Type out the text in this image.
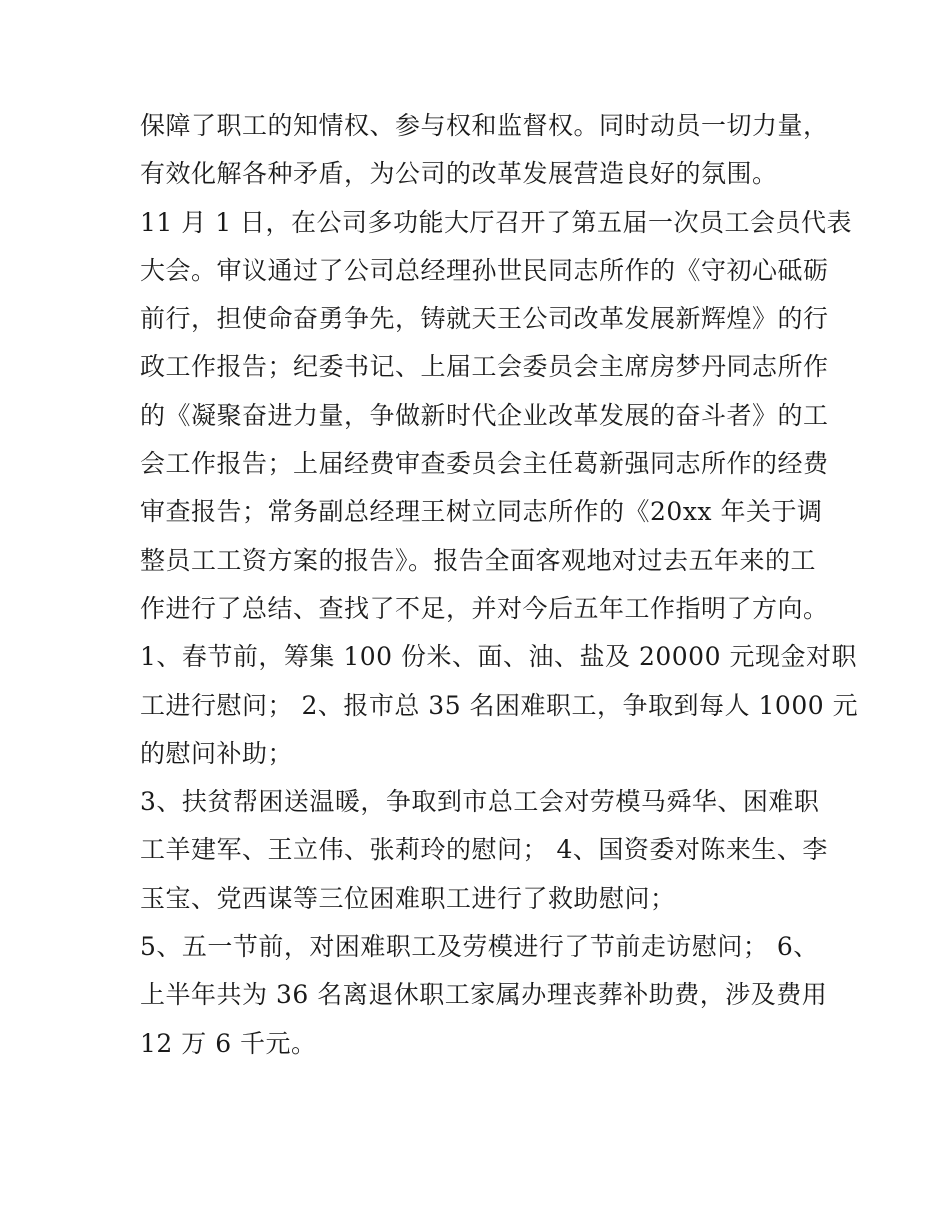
保障了职工的知情权、参与权和监督权。同时动员一切力量，
有效化解各种矛盾，为公司的改革发展营造良好的氛围。
11 月 1 日，在公司多功能大厅召开了第五届一次员工会员代表
大会。审议通过了公司总经理孙世民同志所作的《守初心砥砺
前行，担使命奋勇争先，铸就天王公司改革发展新辉煌》的行
政工作报告；纪委书记、上届工会委员会主席房梦丹同志所作
的《凝聚奋进力量，争做新时代企业改革发展的奋斗者》的工
会工作报告；上届经费审查委员会主任葛新强同志所作的经费
审查报告；常务副总经理王树立同志所作的《20xx 年关于调
整员工工资方案的报告》。报告全面客观地对过去五年来的工
作进行了总结、查找了不足，并对今后五年工作指明了方向。
1、春节前，筹集 100 份米、面、油、盐及 20000 元现金对职
工进行慰问； 2、报市总 35 名困难职工，争取到每人 1000 元
的慰问补助；
3、扶贫帮困送温暖，争取到市总工会对劳模马舜华、困难职
工羊建军、王立伟、张莉玲的慰问； 4、国资委对陈来生、李
玉宝、党西谋等三位困难职工进行了救助慰问；
5、五一节前，对困难职工及劳模进行了节前走访慰问； 6、
上半年共为 36 名离退休职工家属办理丧葬补助费，涉及费用
12 万 6 千元。
